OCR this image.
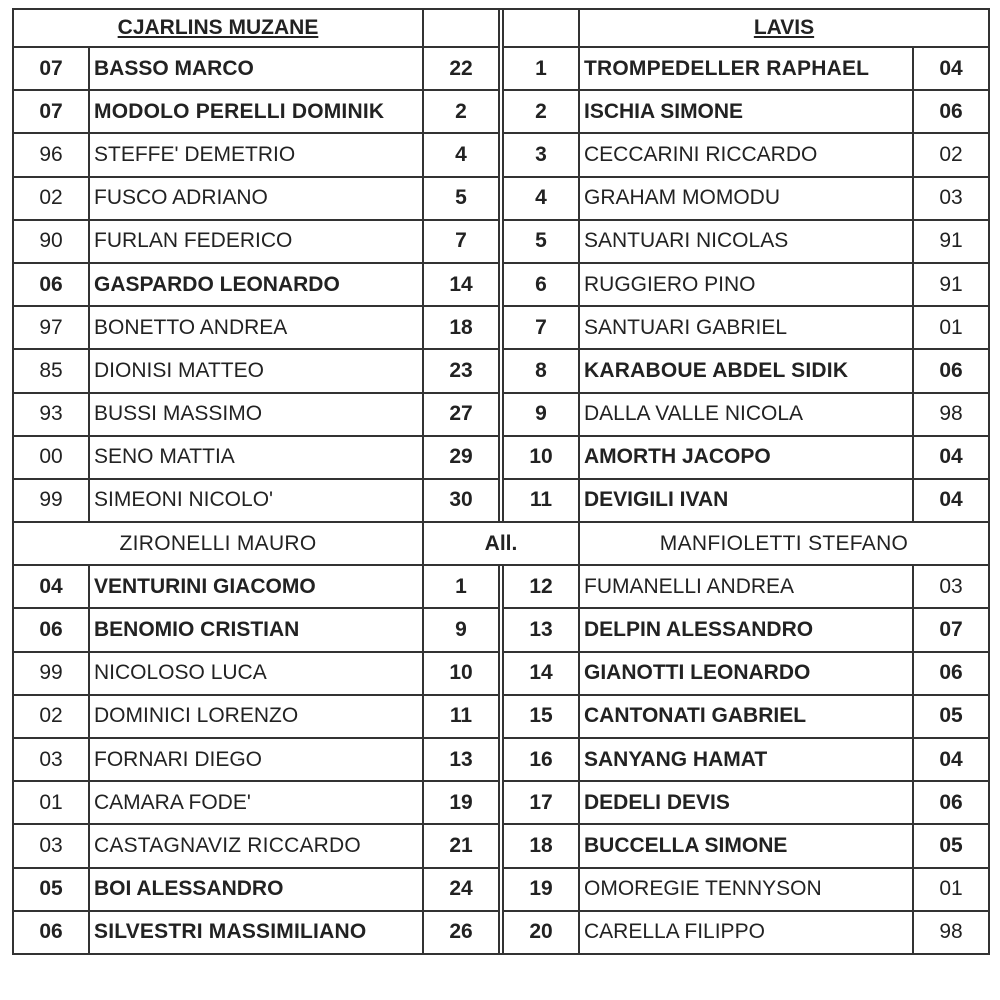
CJARLINS MUZANE					LAVIS	
07	BASSO MARCO	22		1	TROMPEDELLER RAPHAEL	04
07	MODOLO PERELLI DOMINIK	2		2	ISCHIA SIMONE	06
96	STEFFE' DEMETRIO	4		3	CECCARINI RICCARDO	02
02	FUSCO ADRIANO	5		4	GRAHAM MOMODU	03
90	FURLAN FEDERICO	7		5	SANTUARI NICOLAS	91
06	GASPARDO LEONARDO	14		6	RUGGIERO PINO	91
97	BONETTO ANDREA	18		7	SANTUARI GABRIEL	01
85	DIONISI MATTEO	23		8	KARABOUE ABDEL SIDIK	06
93	BUSSI MASSIMO	27		9	DALLA VALLE NICOLA	98
00	SENO MATTIA	29		10	AMORTH JACOPO	04
99	SIMEONI NICOLO'	30		11	DEVIGILI IVAN	04
ZIRONELLI MAURO		All.			MANFIOLETTI STEFANO	
04	VENTURINI GIACOMO	1		12	FUMANELLI ANDREA	03
06	BENOMIO CRISTIAN	9		13	DELPIN ALESSANDRO	07
99	NICOLOSO LUCA	10		14	GIANOTTI LEONARDO	06
02	DOMINICI LORENZO	11		15	CANTONATI GABRIEL	05
03	FORNARI DIEGO	13		16	SANYANG HAMAT	04
01	CAMARA FODE'	19		17	DEDELI DEVIS	06
03	CASTAGNAVIZ RICCARDO	21		18	BUCCELLA SIMONE	05
05	BOI ALESSANDRO	24		19	OMOREGIE TENNYSON	01
06	SILVESTRI MASSIMILIANO	26		20	CARELLA FILIPPO	98
